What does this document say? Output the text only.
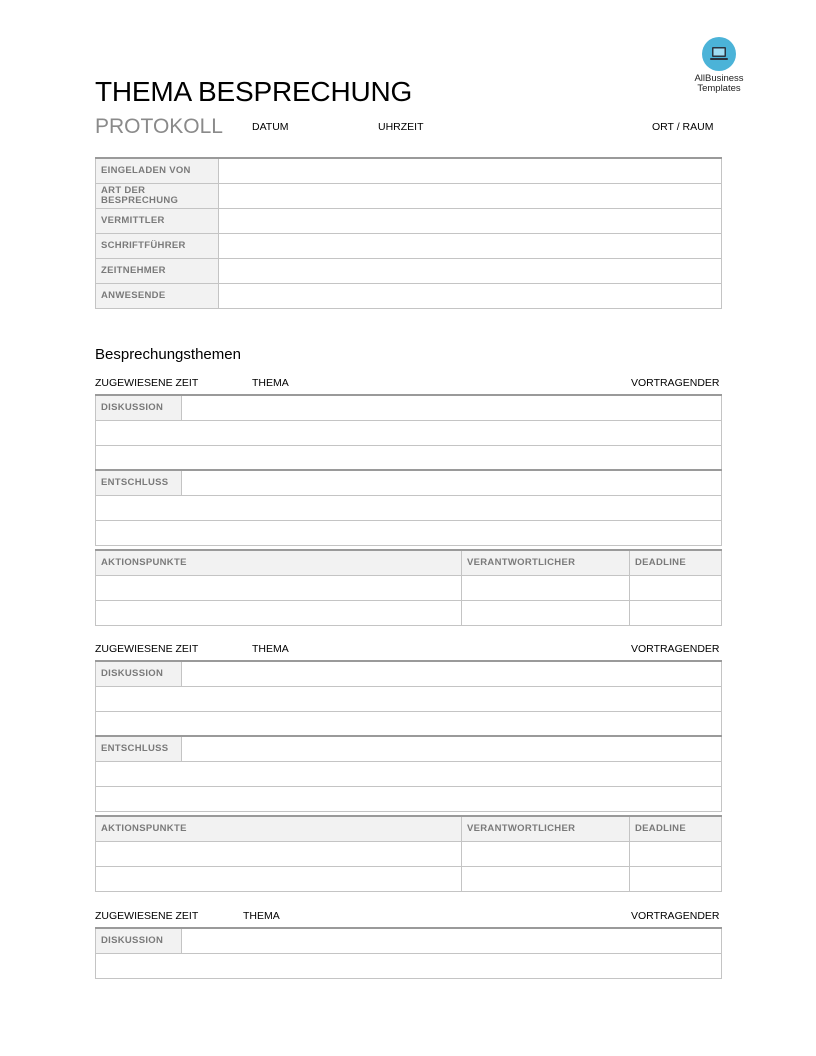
THEMA BESPRECHUNG
PROTOKOLL	DATUM	UHRZEIT	ORT / RAUM
AllBusiness
Templates
EINGELADEN VON	
ART DER BESPRECHUNG	
VERMITTLER	
SCHRIFTFÜHRER	
ZEITNEHMER	
ANWESENDE	
Besprechungsthemen
ZUGEWIESENE ZEIT	THEMA	VORTRAGENDER
DISKUSSION	

ENTSCHLUSS	

AKTIONSPUNKTE	VERANTWORTLICHER	DEADLINE

ZUGEWIESENE ZEIT	THEMA	VORTRAGENDER
DISKUSSION	

ENTSCHLUSS	

AKTIONSPUNKTE	VERANTWORTLICHER	DEADLINE

ZUGEWIESENE ZEIT	THEMA	VORTRAGENDER
DISKUSSION	
